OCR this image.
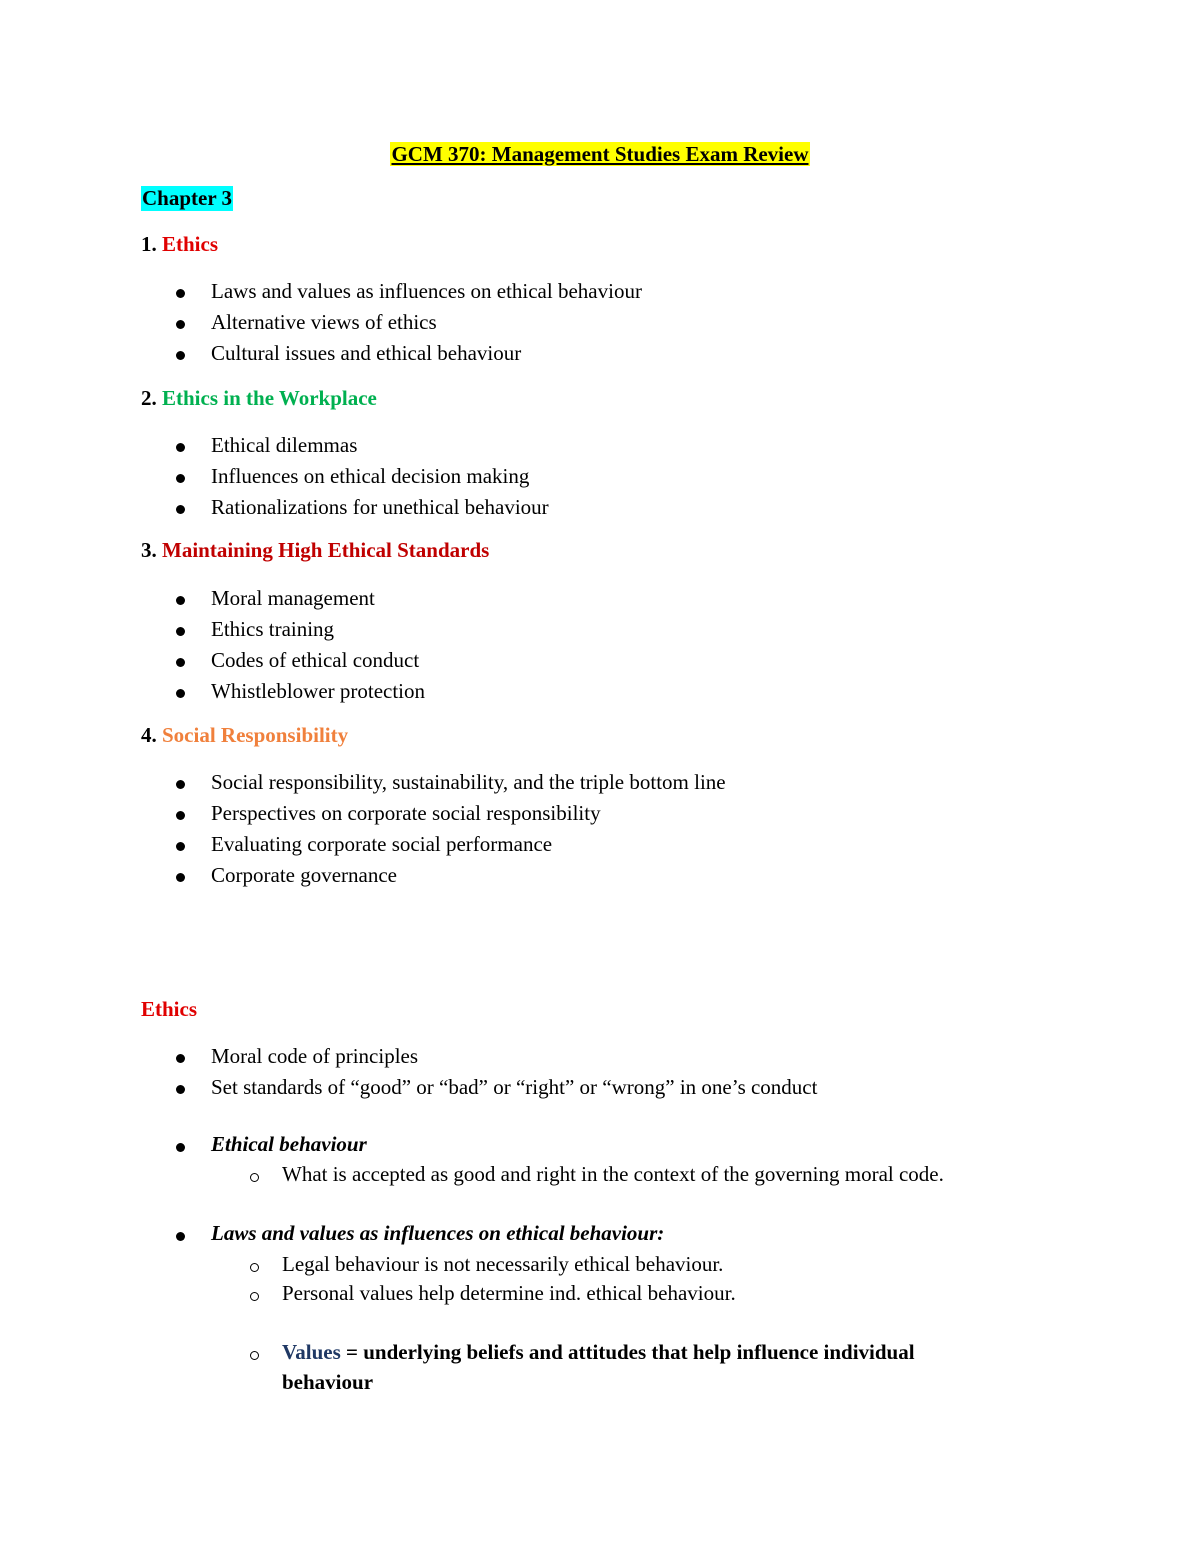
GCM 370: Management Studies Exam Review
Chapter 3
1. Ethics
Laws and values as influences on ethical behaviour
Alternative views of ethics
Cultural issues and ethical behaviour
2. Ethics in the Workplace
Ethical dilemmas
Influences on ethical decision making
Rationalizations for unethical behaviour
3. Maintaining High Ethical Standards
Moral management
Ethics training
Codes of ethical conduct
Whistleblower protection
4. Social Responsibility
Social responsibility, sustainability, and the triple bottom line
Perspectives on corporate social responsibility
Evaluating corporate social performance
Corporate governance
Ethics
Moral code of principles
Set standards of “good” or “bad” or “right” or “wrong” in one’s conduct
Ethical behaviour
What is accepted as good and right in the context of the governing moral code.
Laws and values as influences on ethical behaviour:
Legal behaviour is not necessarily ethical behaviour.
Personal values help determine ind. ethical behaviour.
Values = underlying beliefs and attitudes that help influence individual
behaviour
